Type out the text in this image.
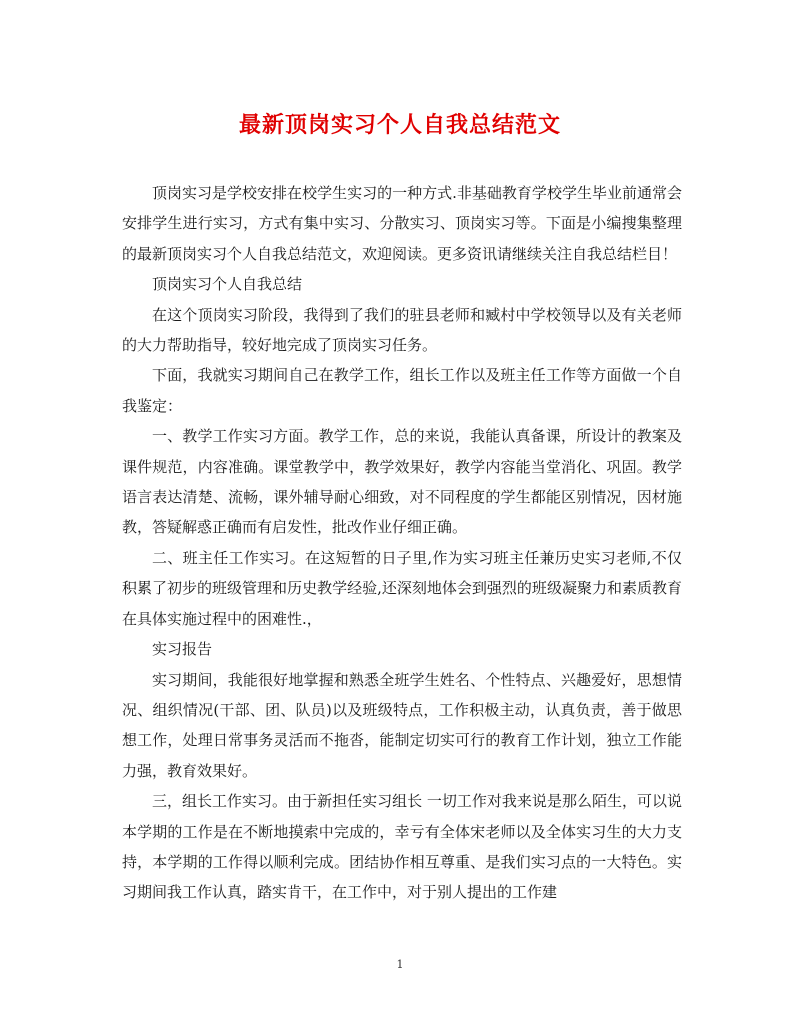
最新顶岗实习个人自我总结范文

顶岗实习是学校安排在校学生实习的一种方式.非基础教育学校学生毕业前通常会安排学生进行实习，方式有集中实习、分散实习、顶岗实习等。下面是小编搜集整理的最新顶岗实习个人自我总结范文，欢迎阅读。更多资讯请继续关注自我总结栏目！

顶岗实习个人自我总结

在这个顶岗实习阶段，我得到了我们的驻县老师和臧村中学校领导以及有关老师的大力帮助指导，较好地完成了顶岗实习任务。

下面，我就实习期间自己在教学工作，组长工作以及班主任工作等方面做一个自我鉴定：

一、教学工作实习方面。教学工作，总的来说，我能认真备课，所设计的教案及课件规范，内容准确。课堂教学中，教学效果好，教学内容能当堂消化、巩固。教学语言表达清楚、流畅，课外辅导耐心细致，对不同程度的学生都能区别情况，因材施教，答疑解惑正确而有启发性，批改作业仔细正确。

二、班主任工作实习。在这短暂的日子里,作为实习班主任兼历史实习老师,不仅积累了初步的班级管理和历史教学经验,还深刻地体会到强烈的班级凝聚力和素质教育在具体实施过程中的困难性.，

实习报告

实习期间，我能很好地掌握和熟悉全班学生姓名、个性特点、兴趣爱好，思想情况、组织情况(干部、团、队员)以及班级特点，工作积极主动，认真负责，善于做思想工作，处理日常事务灵活而不拖沓，能制定切实可行的教育工作计划，独立工作能力强，教育效果好。

三，组长工作实习。由于新担任实习组长 一切工作对我来说是那么陌生，可以说本学期的工作是在不断地摸索中完成的，幸亏有全体宋老师以及全体实习生的大力支持，本学期的工作得以顺利完成。团结协作相互尊重、是我们实习点的一大特色。实习期间我工作认真，踏实肯干，在工作中，对于别人提出的工作建

1
